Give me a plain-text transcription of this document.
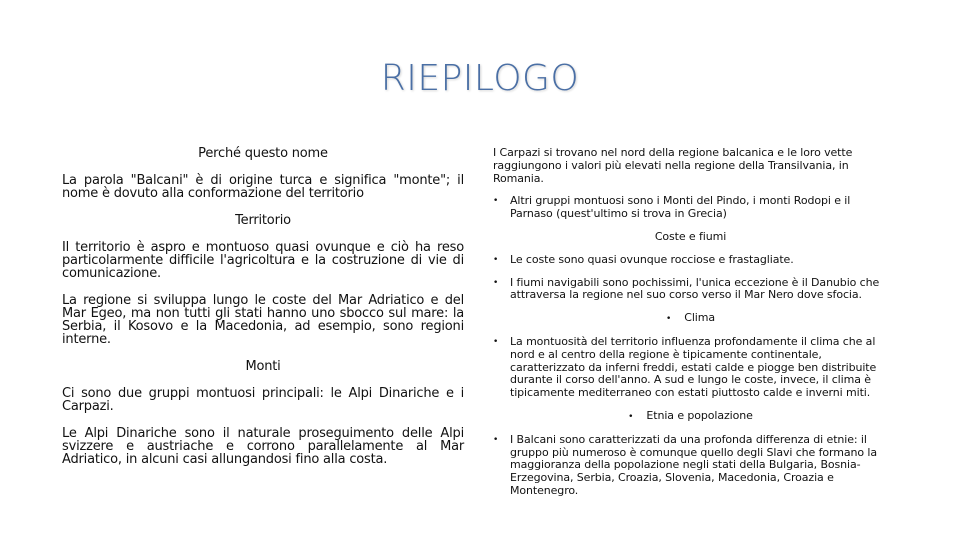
RIEPILOGO
Perché questo nome

La parola "Balcani" è di origine turca e significa "monte"; il nome è dovuto alla conformazione del territorio

Territorio

Il territorio è aspro e montuoso quasi ovunque e ciò ha reso particolarmente difficile l'agricoltura e la costruzione di vie di comunicazione.

La regione si sviluppa lungo le coste del Mar Adriatico e del Mar Egeo, ma non tutti gli stati hanno uno sbocco sul mare: la Serbia, il Kosovo e la Macedonia, ad esempio, sono regioni interne.

Monti

Ci sono due gruppi montuosi principali: le Alpi Dinariche e i Carpazi.

Le Alpi Dinariche sono il naturale proseguimento delle Alpi svizzere e austriache e corrono parallelamente al Mar Adriatico, in alcuni casi allungandosi fino alla costa.

I Carpazi si trovano nel nord della regione balcanica e le loro vette raggiungono i valori più elevati nella regione della Transilvania, in Romania.

• Altri gruppi montuosi sono i Monti del Pindo, i monti Rodopi e il Parnaso (quest'ultimo si trova in Grecia)
Coste e fiumi
• Le coste sono quasi ovunque rocciose e frastagliate.
• I fiumi navigabili sono pochissimi, l'unica eccezione è il Danubio che attraversa la regione nel suo corso verso il Mar Nero dove sfocia.
• Clima
• La montuosità del territorio influenza profondamente il clima che al nord e al centro della regione è tipicamente continentale, caratterizzato da inferni freddi, estati calde e piogge ben distribuite durante il corso dell'anno. A sud e lungo le coste, invece, il clima è tipicamente mediterraneo con estati piuttosto calde e inverni miti.
• Etnia e popolazione
• I Balcani sono caratterizzati da una profonda differenza di etnie: il gruppo più numeroso è comunque quello degli Slavi che formano la maggioranza della popolazione negli stati della Bulgaria, Bosnia-Erzegovina, Serbia, Croazia, Slovenia, Macedonia, Croazia e Montenegro.
